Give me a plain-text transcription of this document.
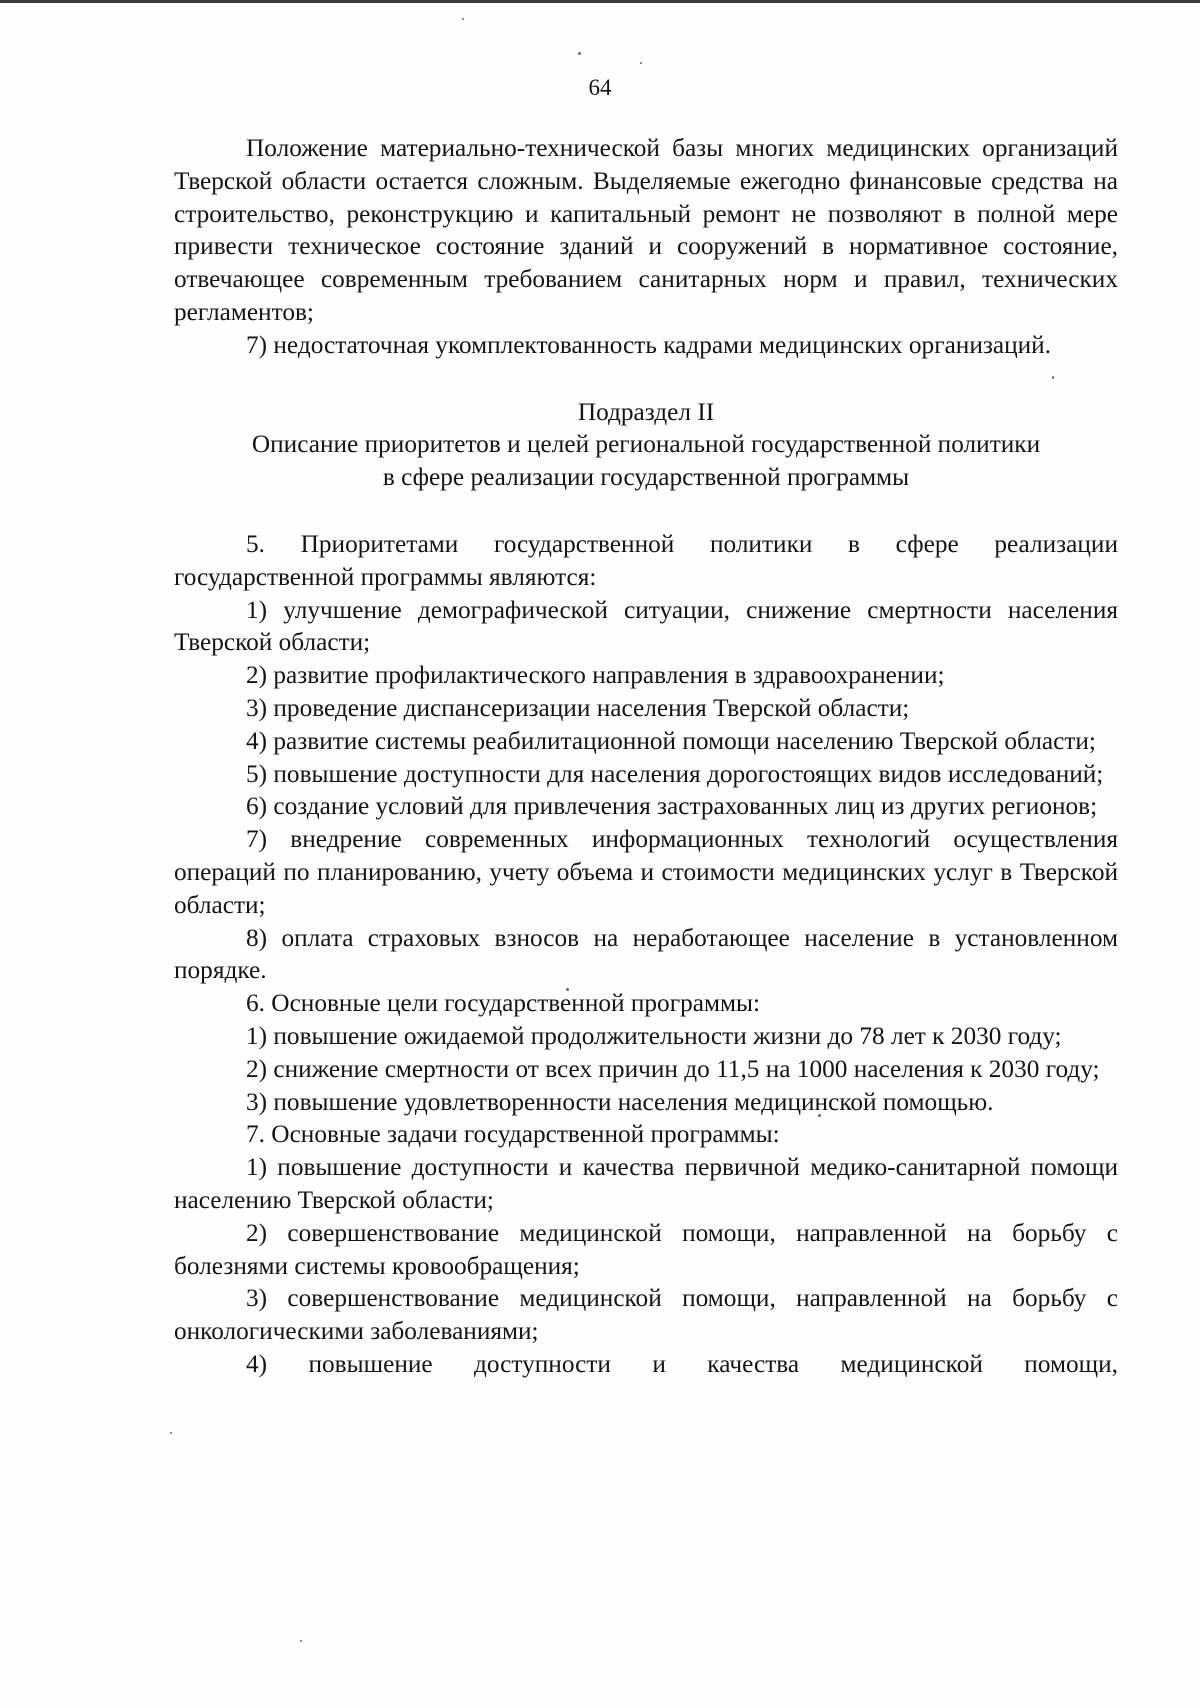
64

Положение материально-технической базы многих медицинских организаций Тверской области остается сложным. Выделяемые ежегодно финансовые средства на строительство, реконструкцию и капитальный ремонт не позволяют в полной мере привести техническое состояние зданий и сооружений в нормативное состояние, отвечающее современным требованием санитарных норм и правил, технических регламентов;

7) недостаточная укомплектованность кадрами медицинских организаций.

Подраздел II

Описание приоритетов и целей региональной государственной политики

в сфере реализации государственной программы

5. Приоритетами государственной политики в сфере реализации государственной программы являются:

1) улучшение демографической ситуации, снижение смертности населения Тверской области;

2) развитие профилактического направления в здравоохранении;

3) проведение диспансеризации населения Тверской области;

4) развитие системы реабилитационной помощи населению Тверской области;

5) повышение доступности для населения дорогостоящих видов исследований;

6) создание условий для привлечения застрахованных лиц из других регионов;

7) внедрение современных информационных технологий осуществления операций по планированию, учету объема и стоимости медицинских услуг в Тверской области;

8) оплата страховых взносов на неработающее население в установленном порядке.

6. Основные цели государственной программы:

1) повышение ожидаемой продолжительности жизни до 78 лет к 2030 году;

2) снижение смертности от всех причин до 11,5 на 1000 населения к 2030 году;

3) повышение удовлетворенности населения медицинской помощью.

7. Основные задачи государственной программы:

1) повышение доступности и качества первичной медико-санитарной помощи населению Тверской области;

2) совершенствование медицинской помощи, направленной на борьбу с болезнями системы кровообращения;

3) совершенствование медицинской помощи, направленной на борьбу с онкологическими заболеваниями;

4) повышение доступности и качества медицинской помощи,
